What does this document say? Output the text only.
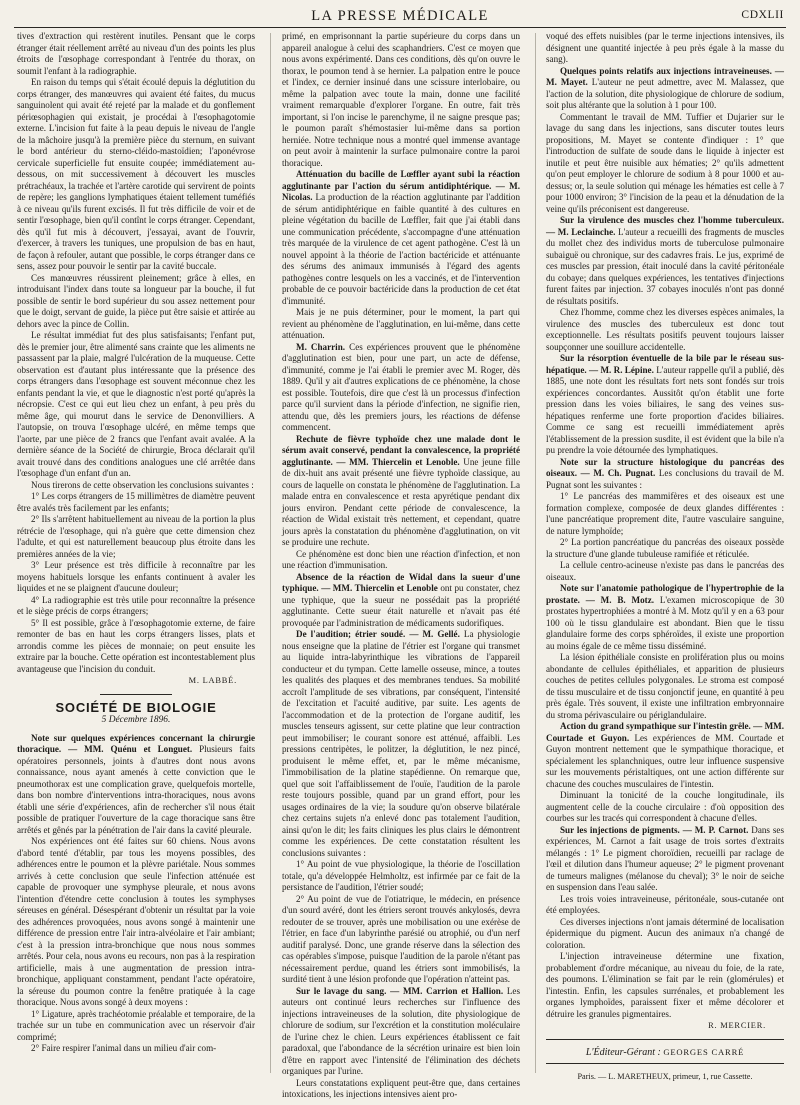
LA PRESSE MÉDICALE	CDXLII

tives d'extraction qui restèrent inutiles. Pensant que le corps étranger était réellement arrêté au niveau d'un des points les plus étroits de l'œsophage correspondant à l'entrée du thorax, on soumit l'enfant à la radiographie.

En raison du temps qui s'était écoulé depuis la déglutition du corps étranger, des manœuvres qui avaient été faites, du mucus sanguinolent qui avait été rejeté par la malade et du gonflement périœsophagien qui existait, je procédai à l'œsophagotomie externe. L'incision fut faite à la peau depuis le niveau de l'angle de la mâchoire jusqu'à la première pièce du sternum, en suivant le bord antérieur du sterno-cléido-mastoïdien; l'aponévrose cervicale superficielle fut ensuite coupée; immédiatement au-dessous, on mit successivement à découvert les muscles prétrachéaux, la trachée et l'artère carotide qui servirent de points de repère; les ganglions lymphatiques étaient tellement tuméfiés à ce niveau qu'ils furent excisés. Il fut très difficile de voir et de sentir l'œsophage, bien qu'il contînt le corps étranger. Cependant, dès qu'il fut mis à découvert, j'essayai, avant de l'ouvrir, d'exercer, à travers les tuniques, une propulsion de bas en haut, de façon à refouler, autant que possible, le corps étranger dans ce sens, assez pour pouvoir le sentir par la cavité buccale.

Ces manœuvres réussirent pleinement; grâce à elles, en introduisant l'index dans toute sa longueur par la bouche, il fut possible de sentir le bord supérieur du sou assez nettement pour que le doigt, servant de guide, la pièce put être saisie et attirée au dehors avec la pince de Collin.

Le résultat immédiat fut des plus satisfaisants; l'enfant put, dès le premier jour, être alimenté sans crainte que les aliments ne passassent par la plaie, malgré l'ulcération de la muqueuse. Cette observation est d'autant plus intéressante que la présence des corps étrangers dans l'œsophage est souvent méconnue chez les enfants pendant la vie, et que le diagnostic n'est porté qu'après la nécropsie. C'est ce qui eut lieu chez un enfant, à peu près du même âge, qui mourut dans le service de Denonvilliers. A l'autopsie, on trouva l'œsophage ulcéré, en même temps que l'aorte, par une pièce de 2 francs que l'enfant avait avalée. A la dernière séance de la Société de chirurgie, Broca déclarait qu'il avait trouvé dans des conditions analogues une clé arrêtée dans l'œsophage d'un enfant d'un an.

Nous tirerons de cette observation les conclusions suivantes :

1° Les corps étrangers de 15 millimètres de diamètre peuvent être avalés très facilement par les enfants;

2° Ils s'arrêtent habituellement au niveau de la portion la plus rétrécie de l'œsophage, qui n'a guère que cette dimension chez l'adulte, et qui est naturellement beaucoup plus étroite dans les premières années de la vie;

3° Leur présence est très difficile à reconnaître par les moyens habituels lorsque les enfants continuent à avaler les liquides et ne se plaignent d'aucune douleur;

4° La radiographie est très utile pour reconnaître la présence et le siège précis de corps étrangers;

5° Il est possible, grâce à l'œsophagotomie externe, de faire remonter de bas en haut les corps étrangers lisses, plats et arrondis comme les pièces de monnaie; on peut ensuite les extraire par la bouche. Cette opération est incontestablement plus avantageuse que l'incision du conduit.

M. LABBÉ.

SOCIÉTÉ DE BIOLOGIE
5 Décembre 1896.

Note sur quelques expériences concernant la chirurgie thoracique. — MM. Quénu et Longuet. Plusieurs faits opératoires personnels, joints à d'autres dont nous avons connaissance, nous ayant amenés à cette conviction que le pneumothorax est une complication grave, quelquefois mortelle, dans bon nombre d'interventions intra-thoraciques, nous avons établi une série d'expériences, afin de rechercher s'il nous était possible de pratiquer l'ouverture de la cage thoracique sans être arrêtés et gênés par la pénétration de l'air dans la cavité pleurale.

Nos expériences ont été faites sur 60 chiens. Nous avons d'abord tenté d'établir, par tous les moyens possibles, des adhérences entre le poumon et la plèvre pariétale. Nous sommes arrivés à cette conclusion que seule l'infection atténuée est capable de provoquer une symphyse pleurale, et nous avons l'intention d'étendre cette conclusion à toutes les symphyses séreuses en général. Désespérant d'obtenir un résultat par la voie des adhérences provoquées, nous avons songé à maintenir une différence de pression entre l'air intra-alvéolaire et l'air ambiant; c'est à la pression intra-bronchique que nous nous sommes arrêtés. Pour cela, nous avons eu recours, non pas à la respiration artificielle, mais à une augmentation de pression intra-bronchique, appliquant constamment, pendant l'acte opératoire, la séreuse du poumon contre la fenêtre pratiquée à la cage thoracique. Nous avons songé à deux moyens :

1° Ligature, après trachéotomie préalable et temporaire, de la trachée sur un tube en communication avec un réservoir d'air comprimé;

2° Faire respirer l'animal dans un milieu d'air com-

primé, en emprisonnant la partie supérieure du corps dans un appareil analogue à celui des scaphandriers. C'est ce moyen que nous avons expérimenté. Dans ces conditions, dès qu'on ouvre le thorax, le poumon tend à se hernier. La palpation entre le pouce et l'index, ce dernier insinué dans une scissure interlobaire, ou même la palpation avec toute la main, donne une facilité vraiment remarquable d'explorer l'organe. En outre, fait très important, si l'on incise le parenchyme, il ne saigne presque pas; le poumon paraît s'hémostasier lui-même dans sa portion herniée. Notre technique nous a montré quel immense avantage on peut avoir à maintenir la surface pulmonaire contre la paroi thoracique.

Atténuation du bacille de Lœffler ayant subi la réaction agglutinante par l'action du sérum antidiphtérique. — M. Nicolas. La production de la réaction agglutinante par l'addition de sérum antidiphtérique en faible quantité à des cultures en pleine végétation du bacille de Lœffler, fait que j'ai établi dans une communication précédente, s'accompagne d'une atténuation très marquée de la virulence de cet agent pathogène. C'est là un nouvel appoint à la théorie de l'action bactéricide et atténuante des sérums des animaux immunisés à l'égard des agents pathogènes contre lesquels on les a vaccinés, et de l'intervention probable de ce pouvoir bactéricide dans la production de cet état d'immunité.

Mais je ne puis déterminer, pour le moment, la part qui revient au phénomène de l'agglutination, en lui-même, dans cette atténuation.

M. Charrin. Ces expériences prouvent que le phénomène d'agglutination est bien, pour une part, un acte de défense, d'immunité, comme je l'ai établi le premier avec M. Roger, dès 1889. Qu'il y ait d'autres explications de ce phénomène, la chose est possible. Toutefois, dire que c'est là un processus d'infection parce qu'il survient dans la période d'infection, ne signifie rien, attendu que, dès les premiers jours, les réactions de défense commencent.

Rechute de fièvre typhoïde chez une malade dont le sérum avait conservé, pendant la convalescence, la propriété agglutinante. — MM. Thiercelin et Lenoble. Une jeune fille de dix-huit ans avait présenté une fièvre typhoïde classique, au cours de laquelle on constata le phénomène de l'agglutination. La malade entra en convalescence et resta apyrétique pendant dix jours environ. Pendant cette période de convalescence, la réaction de Widal existait très nettement, et cependant, quatre jours après la constatation du phénomène d'agglutination, on vit se produire une rechute.

Ce phénomène est donc bien une réaction d'infection, et non une réaction d'immunisation.

Absence de la réaction de Widal dans la sueur d'une typhique. — MM. Thiercelin et Lenoble ont pu constater, chez une typhique, que la sueur ne possédait pas la propriété agglutinante. Cette sueur était naturelle et n'avait pas été provoquée par l'administration de médicaments sudorifiques.

De l'audition; étrier soudé. — M. Gellé. La physiologie nous enseigne que la platine de l'étrier est l'organe qui transmet au liquide intra-labyrinthique les vibrations de l'appareil conducteur et du tympan. Cette lamelle osseuse, mince, a toutes les qualités des plaques et des membranes tendues. Sa mobilité accroît l'amplitude de ses vibrations, par conséquent, l'intensité de l'excitation et l'acuité auditive, par suite. Les agents de l'accommodation et de la protection de l'organe auditif, les muscles tenseurs agissent, sur cette platine que leur contraction peut immobiliser; le courant sonore est atténué, affaibli. Les pressions centripètes, le politzer, la déglutition, le nez pincé, produisent le même effet, et, par le même mécanisme, l'immobilisation de la platine stapédienne. On remarque que, quel que soit l'affaiblissement de l'ouïe, l'audition de la parole reste toujours possible, quand par un grand effort, pour les usages ordinaires de la vie; la soudure qu'on observe bilatérale chez certains sujets n'a enlevé donc pas totalement l'audition, ainsi qu'on le dit; les faits cliniques les plus clairs le démontrent comme les expériences. De cette constatation résultent les conclusions suivantes :

1° Au point de vue physiologique, la théorie de l'oscillation totale, qu'a développée Helmholtz, est infirmée par ce fait de la persistance de l'audition, l'étrier soudé;

2° Au point de vue de l'otiatrique, le médecin, en présence d'un sourd avéré, dont les étriers seront trouvés ankylosés, devra redouter de se trouver, après une mobilisation ou une exérèse de l'étrier, en face d'un labyrinthe parésié ou atrophié, ou d'un nerf auditif paralysé. Donc, une grande réserve dans la sélection des cas opérables s'impose, puisque l'audition de la parole n'étant pas nécessairement perdue, quand les étriers sont immobilisés, la surdité tient à une lésion profonde que l'opération n'atteint pas.

Sur le lavage du sang. — MM. Carrion et Hallion. Les auteurs ont continué leurs recherches sur l'influence des injections intraveineuses de la solution, dite physiologique de chlorure de sodium, sur l'excrétion et la constitution moléculaire de l'urine chez le chien. Leurs expériences établissent ce fait paradoxal, que l'abondance de la sécrétion urinaire est bien loin d'être en rapport avec l'intensité de l'élimination des déchets organiques par l'urine.

Leurs constatations expliquent peut-être que, dans certaines intoxications, les injections intensives aient pro-

voqué des effets nuisibles (par le terme injections intensives, ils désignent une quantité injectée à peu près égale à la masse du sang).

Quelques points relatifs aux injections intraveineuses. — M. Mayet. L'auteur ne peut admettre, avec M. Malassez, que l'action de la solution, dite physiologique de chlorure de sodium, soit plus altérante que la solution à 1 pour 100.

Commentant le travail de MM. Tuffier et Dujarier sur le lavage du sang dans les injections, sans discuter toutes leurs propositions, M. Mayet se contente d'indiquer : 1° que l'introduction de sulfate de soude dans le liquide à injecter est inutile et peut être nuisible aux hématies; 2° qu'ils admettent qu'on peut employer le chlorure de sodium à 8 pour 1000 et au-dessus; or, la seule solution qui ménage les hématies est celle à 7 pour 1000 environ; 3° l'incision de la peau et la dénudation de la veine qu'ils préconisent est dangereuse.

Sur la virulence des muscles chez l'homme tuberculeux. — M. Leclainche. L'auteur a recueilli des fragments de muscles du mollet chez des individus morts de tuberculose pulmonaire subaiguë ou chronique, sur des cadavres frais. Le jus, exprimé de ces muscles par pression, était inoculé dans la cavité péritonéale du cobaye; dans quelques expériences, les tentatives d'injections furent faites par injection. 37 cobayes inoculés n'ont pas donné de résultats positifs.

Chez l'homme, comme chez les diverses espèces animales, la virulence des muscles des tuberculeux est donc tout exceptionnelle. Les résultats positifs peuvent toujours laisser soupçonner une souillure accidentelle.

Sur la résorption éventuelle de la bile par le réseau sus-hépatique. — M. R. Lépine. L'auteur rappelle qu'il a publié, dès 1885, une note dont les résultats fort nets sont fondés sur trois expériences concordantes. Aussitôt qu'on établit une forte pression dans les voies biliaires, le sang des veines sus-hépatiques renferme une forte proportion d'acides biliaires. Comme ce sang est recueilli immédiatement après l'établissement de la pression susdite, il est évident que la bile n'a pu prendre la voie détournée des lymphatiques.

Note sur la structure histologique du pancréas des oiseaux. — M. Ch. Pugnat. Les conclusions du travail de M. Pugnat sont les suivantes :

1° Le pancréas des mammifères et des oiseaux est une formation complexe, composée de deux glandes différentes : l'une pancréatique proprement dite, l'autre vasculaire sanguine, de nature lymphoïde;

2° La portion pancréatique du pancréas des oiseaux possède la structure d'une glande tubuleuse ramifiée et réticulée.

La cellule centro-acineuse n'existe pas dans le pancréas des oiseaux.

Note sur l'anatomie pathologique de l'hypertrophie de la prostate. — M. B. Motz. L'examen microscopique de 30 prostates hypertrophiées a montré à M. Motz qu'il y en a 63 pour 100 où le tissu glandulaire est abondant. Bien que le tissu glandulaire forme des corps sphéroïdes, il existe une proportion au moins égale de ce même tissu disséminé.

La lésion épithéliale consiste en prolifération plus ou moins abondante de cellules épithéliales, et apparition de plusieurs couches de petites cellules polygonales. Le stroma est composé de tissu musculaire et de tissu conjonctif jeune, en quantité à peu près égale. Très souvent, il existe une infiltration embryonnaire du stroma périvasculaire ou périglandulaire.

Action du grand sympathique sur l'intestin grêle. — MM. Courtade et Guyon. Les expériences de MM. Courtade et Guyon montrent nettement que le sympathique thoracique, et spécialement les splanchniques, outre leur influence suspensive sur les mouvements péristaltiques, ont une action différente sur chacune des couches musculaires de l'intestin.

Diminuant la tonicité de la couche longitudinale, ils augmentent celle de la couche circulaire : d'où opposition des courbes sur les tracés qui correspondent à chacune d'elles.

Sur les injections de pigments. — M. P. Carnot. Dans ses expériences, M. Carnot a fait usage de trois sortes d'extraits mélangés : 1° Le pigment choroïdien, recueilli par raclage de l'œil et dilution dans l'humeur aqueuse; 2° le pigment provenant de tumeurs malignes (mélanose du cheval); 3° le noir de seiche en suspension dans l'eau salée.

Les trois voies intraveineuse, péritonéale, sous-cutanée ont été employées.

Ces diverses injections n'ont jamais déterminé de localisation épidermique du pigment. Aucun des animaux n'a changé de coloration.

L'injection intraveineuse détermine une fixation, probablement d'ordre mécanique, au niveau du foie, de la rate, des poumons. L'élimination se fait par le rein (glomérules) et l'intestin. Enfin, les capsules surrénales, et probablement les organes lymphoïdes, paraissent fixer et même décolorer et détruire les granules pigmentaires.

R. MERCIER.

L'Éditeur-Gérant : GEORGES CARRÉ
Paris. — L. MARETHEUX, primeur, 1, rue Cassette.
